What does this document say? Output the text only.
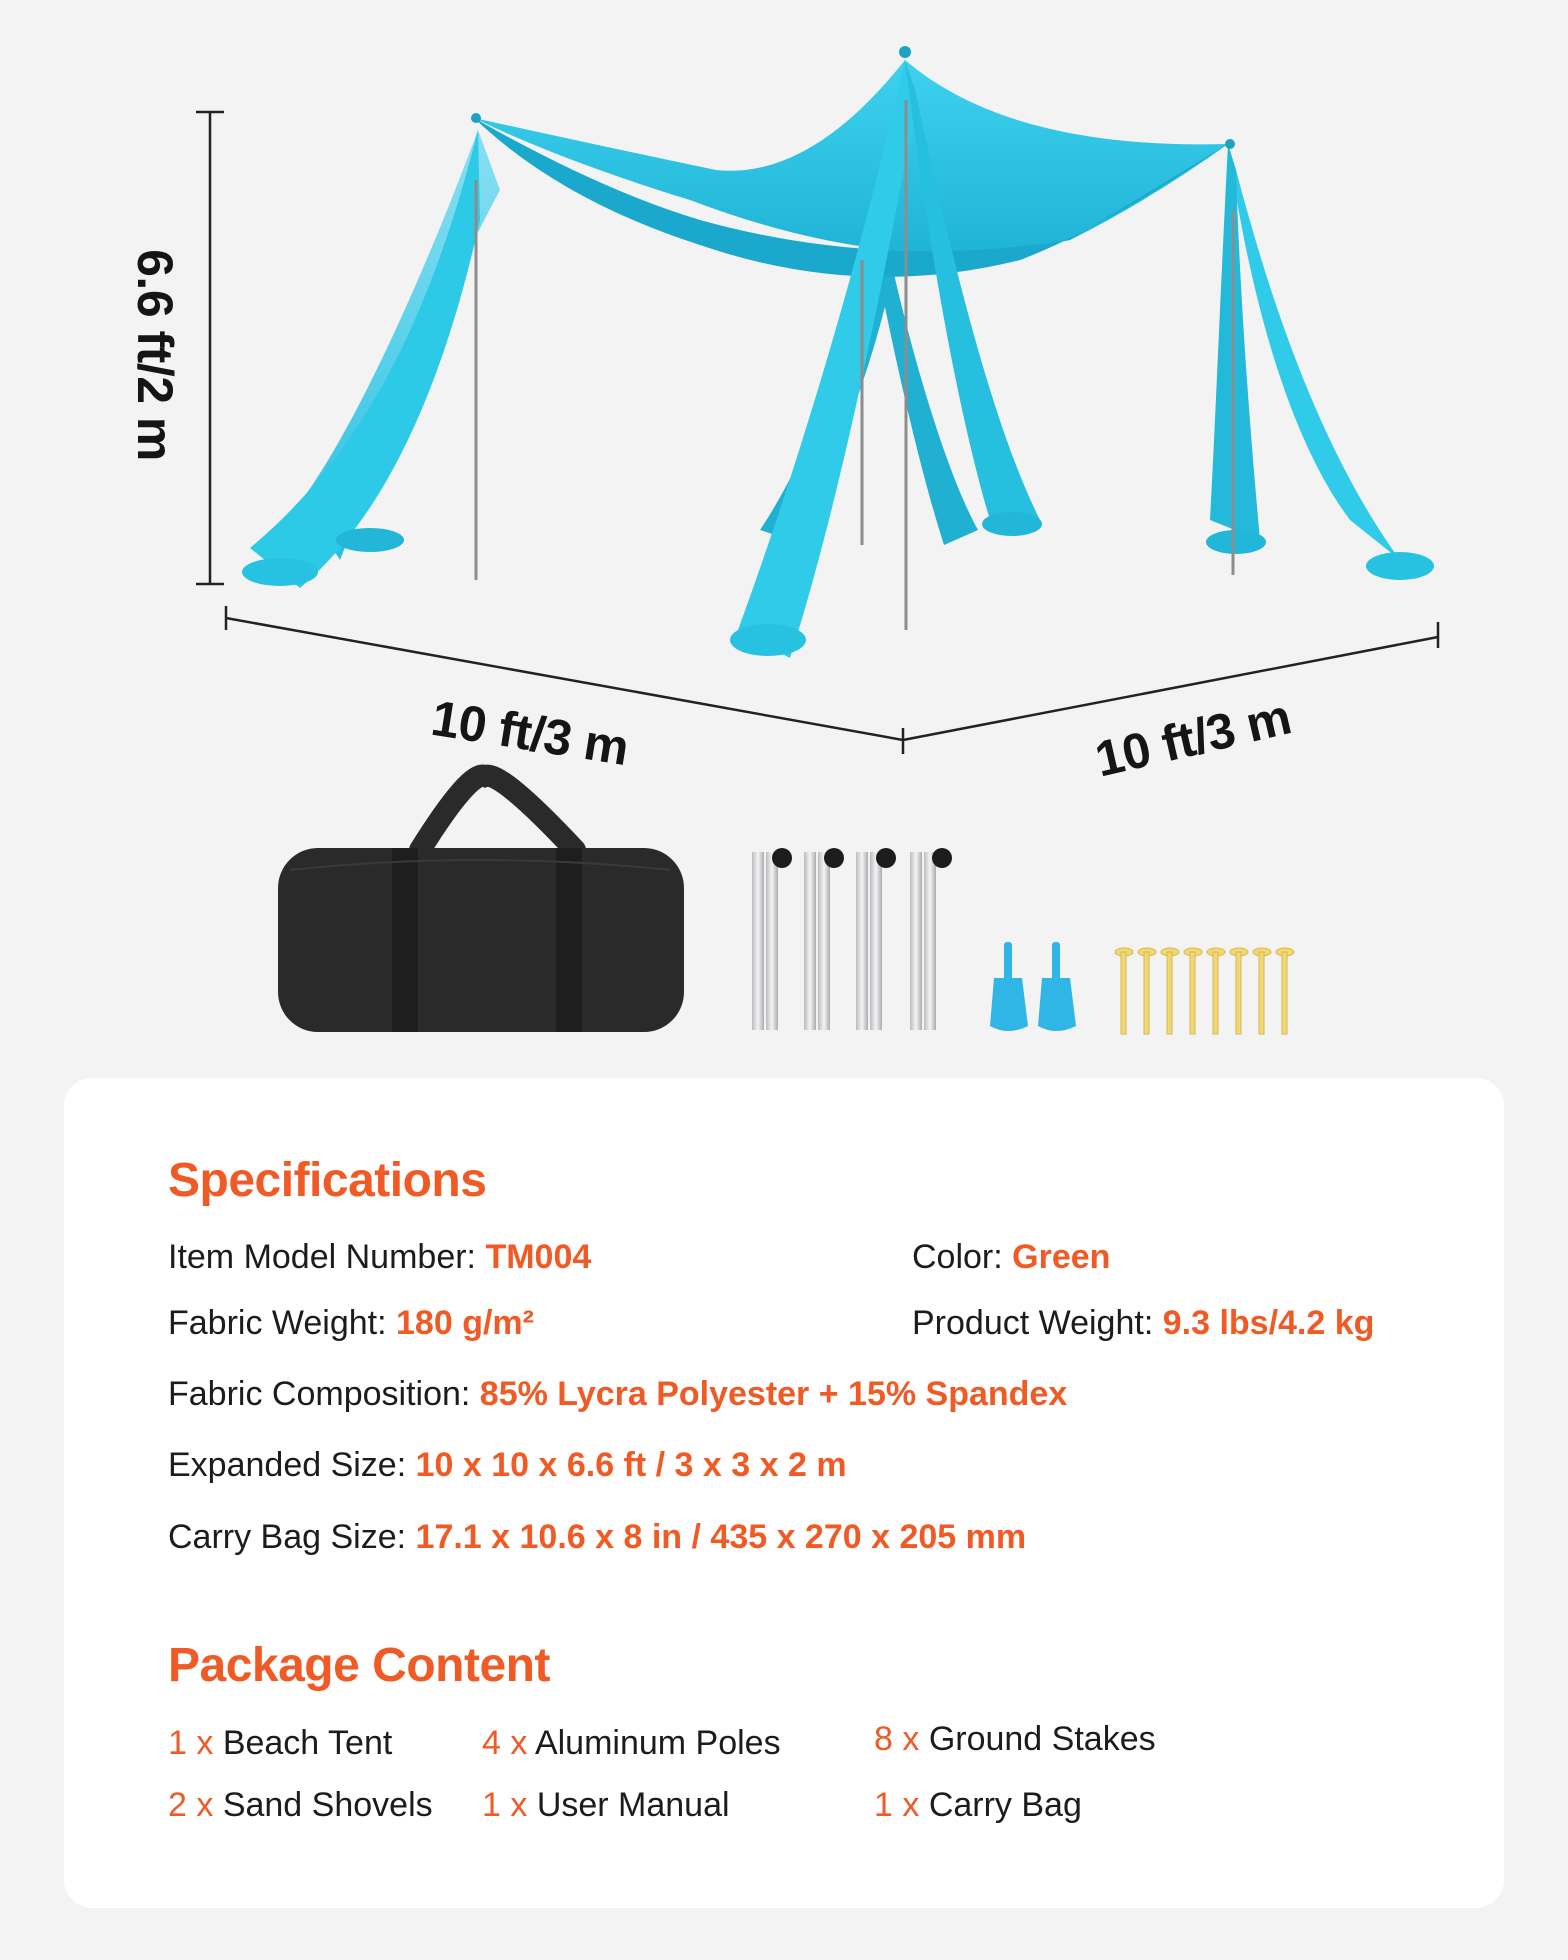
6.6 ft/2 m
10 ft/3 m	10 ft/3 m
Specifications
Item Model Number: TM004	Color: Green
Fabric Weight: 180 g/m²	Product Weight: 9.3 lbs/4.2 kg
Fabric Composition: 85% Lycra Polyester + 15% Spandex
Expanded Size: 10 x 10 x 6.6 ft / 3 x 3 x 2 m
Carry Bag Size: 17.1 x 10.6 x 8 in / 435 x 270 x 205 mm
Package Content
1 x Beach Tent	4 x Aluminum Poles	8 x Ground Stakes
2 x Sand Shovels 1 x User Manual	1 x Carry Bag
